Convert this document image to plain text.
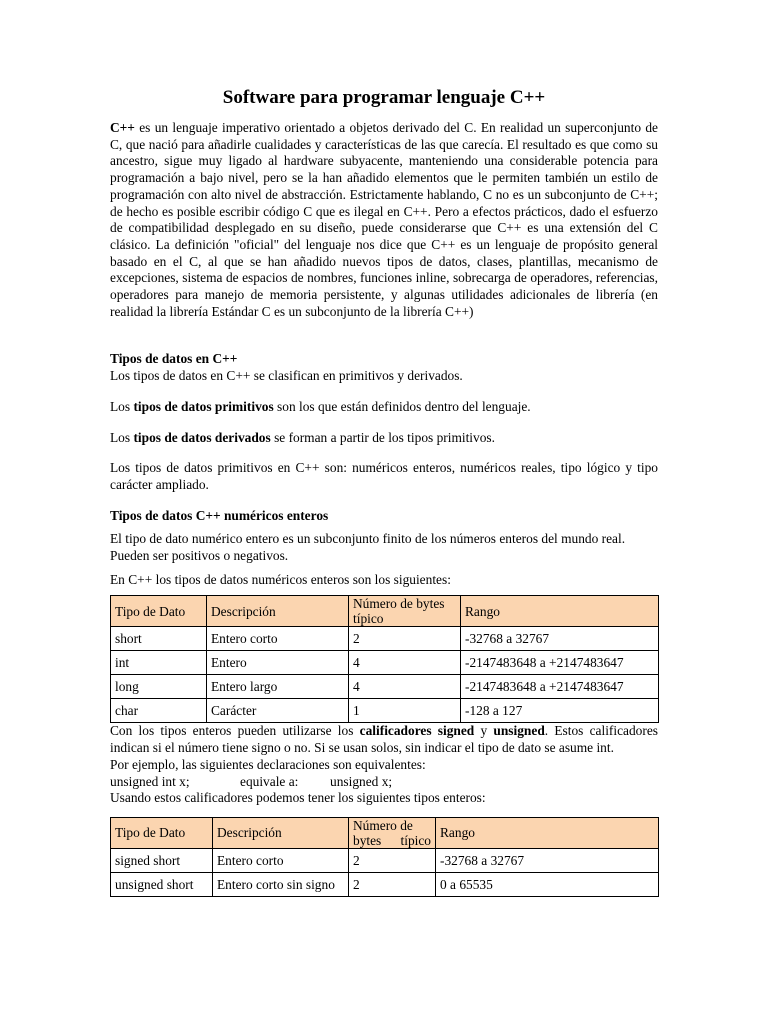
Software para programar lenguaje C++

C++ es un lenguaje imperativo orientado a objetos derivado del C. En realidad un superconjunto de C, que nació para añadirle cualidades y características de las que carecía. El resultado es que como su ancestro, sigue muy ligado al hardware subyacente, manteniendo una considerable potencia para programación a bajo nivel, pero se la han añadido elementos que le permiten también un estilo de programación con alto nivel de abstracción. Estrictamente hablando, C no es un subconjunto de C++; de hecho es posible escribir código C que es ilegal en C++. Pero a efectos prácticos, dado el esfuerzo de compatibilidad desplegado en su diseño, puede considerarse que C++ es una extensión del C clásico. La definición "oficial" del lenguaje nos dice que C++ es un lenguaje de propósito general basado en el C, al que se han añadido nuevos tipos de datos, clases, plantillas, mecanismo de excepciones, sistema de espacios de nombres, funciones inline, sobrecarga de operadores, referencias, operadores para manejo de memoria persistente, y algunas utilidades adicionales de librería (en realidad la librería Estándar C es un subconjunto de la librería C++)

Tipos de datos en C++

Los tipos de datos en C++ se clasifican en primitivos y derivados.

Los tipos de datos primitivos son los que están definidos dentro del lenguaje.

Los tipos de datos derivados se forman a partir de los tipos primitivos.

Los tipos de datos primitivos en C++ son: numéricos enteros, numéricos reales, tipo lógico y tipo carácter ampliado.

Tipos de datos C++ numéricos enteros

El tipo de dato numérico entero es un subconjunto finito de los números enteros del mundo real. Pueden ser positivos o negativos.

En C++ los tipos de datos numéricos enteros son los siguientes:

Tipo de Dato	Descripción	Número de bytes típico	Rango
short	Entero corto	2	-32768 a 32767
int	Entero	4	-2147483648 a +2147483647
long	Entero largo	4	-2147483648 a +2147483647
char	Carácter	1	-128 a 127

Con los tipos enteros pueden utilizarse los calificadores signed y unsigned. Estos calificadores indican si el número tiene signo o no. Si se usan solos, sin indicar el tipo de dato se asume int.

Por ejemplo, las siguientes declaraciones son equivalentes:

unsigned int x;	equivale a:	unsigned x;

Usando estos calificadores podemos tener los siguientes tipos enteros:

Tipo de Dato	Descripción	Número de bytes típico	Rango
signed short	Entero corto	2	-32768 a 32767
unsigned short	Entero corto sin signo	2	0 a 65535
